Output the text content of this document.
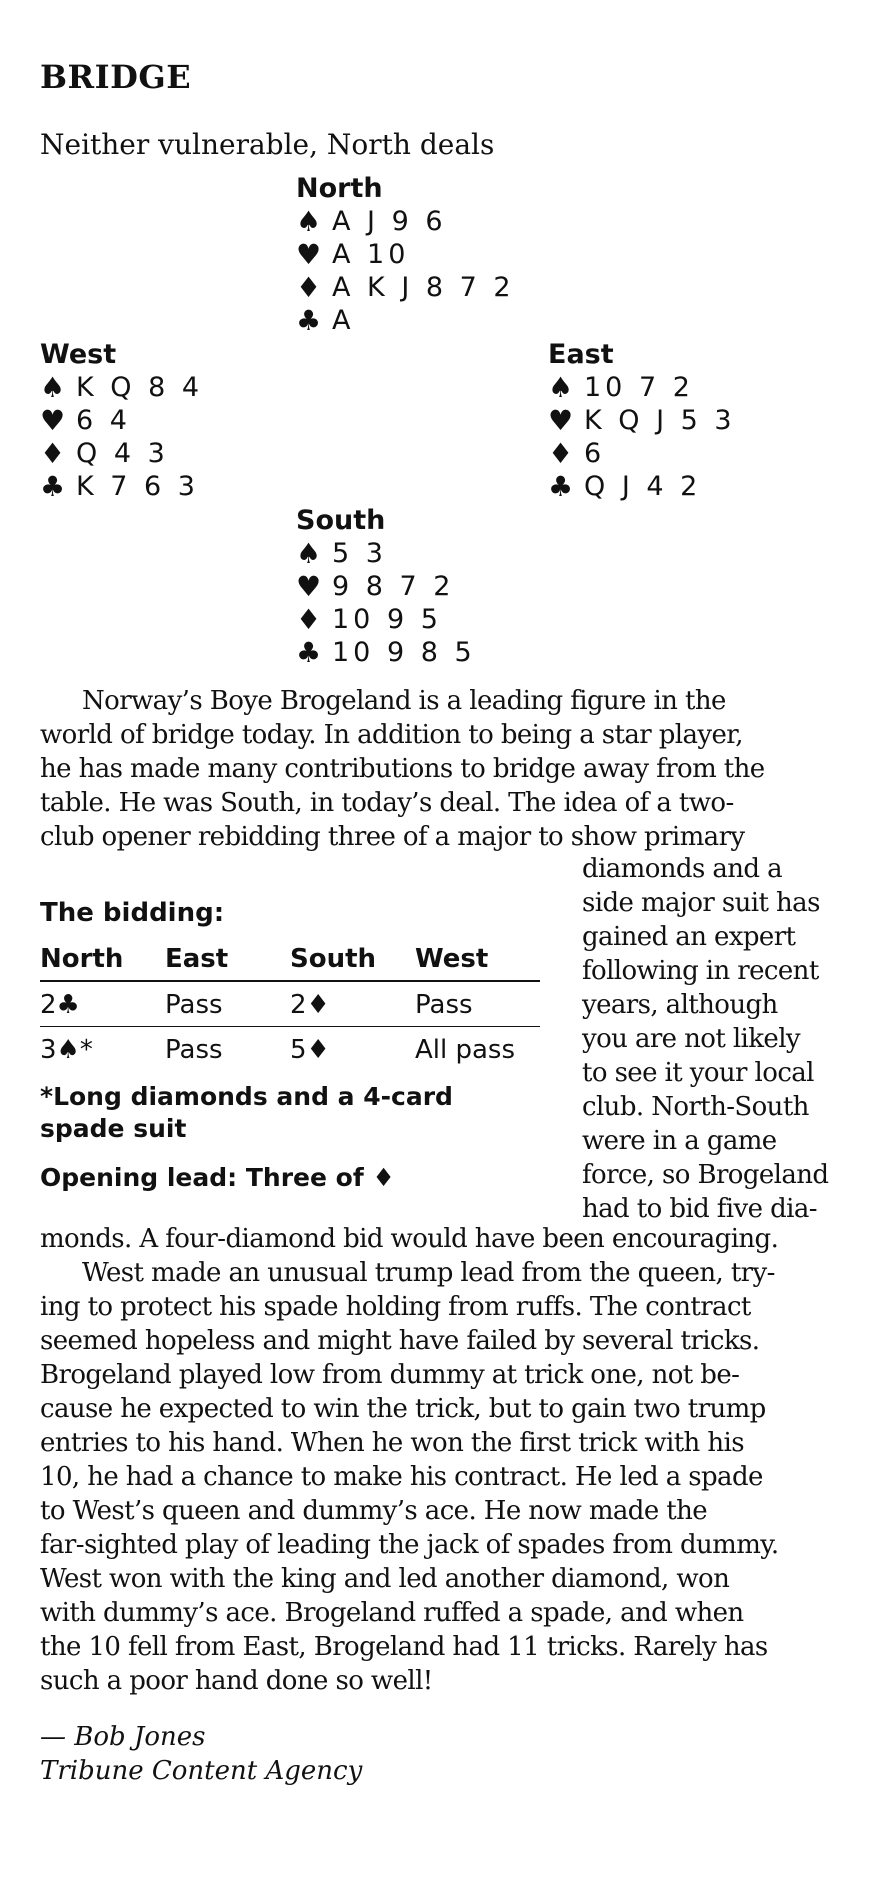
BRIDGE
Neither vulnerable, North deals
North
♠ A J 9 6
♥ A 10
♦ A K J 8 7 2
♣ A
West
♠ K Q 8 4
♥ 6 4
♦ Q 4 3
♣ K 7 6 3
East
♠ 10 7 2
♥ K Q J 5 3
♦ 6
♣ Q J 4 2
South
♠ 5 3
♥ 9 8 7 2
♦ 10 9 5
♣ 10 9 8 5
Norway’s Boye Brogeland is a leading figure in the
world of bridge today. In addition to being a star player,
he has made many contributions to bridge away from the
table. He was South, in today’s deal. The idea of a two-
club opener rebidding three of a major to show primary
diamonds and a
side major suit has
gained an expert
following in recent
years, although
you are not likely
to see it your local
club. North-South
were in a game
force, so Brogeland
had to bid five dia-
The bidding:
North	East	South	West
2♣	Pass	2♦	Pass
3♠*	Pass	5♦	All pass
*Long diamonds and a 4-card
spade suit
Opening lead: Three of ♦
monds. A four-diamond bid would have been encouraging.
West made an unusual trump lead from the queen, try-
ing to protect his spade holding from ruffs. The contract
seemed hopeless and might have failed by several tricks.
Brogeland played low from dummy at trick one, not be-
cause he expected to win the trick, but to gain two trump
entries to his hand. When he won the first trick with his
10, he had a chance to make his contract. He led a spade
to West’s queen and dummy’s ace. He now made the
far-sighted play of leading the jack of spades from dummy.
West won with the king and led another diamond, won
with dummy’s ace. Brogeland ruffed a spade, and when
the 10 fell from East, Brogeland had 11 tricks. Rarely has
such a poor hand done so well!
— Bob Jones
Tribune Content Agency
